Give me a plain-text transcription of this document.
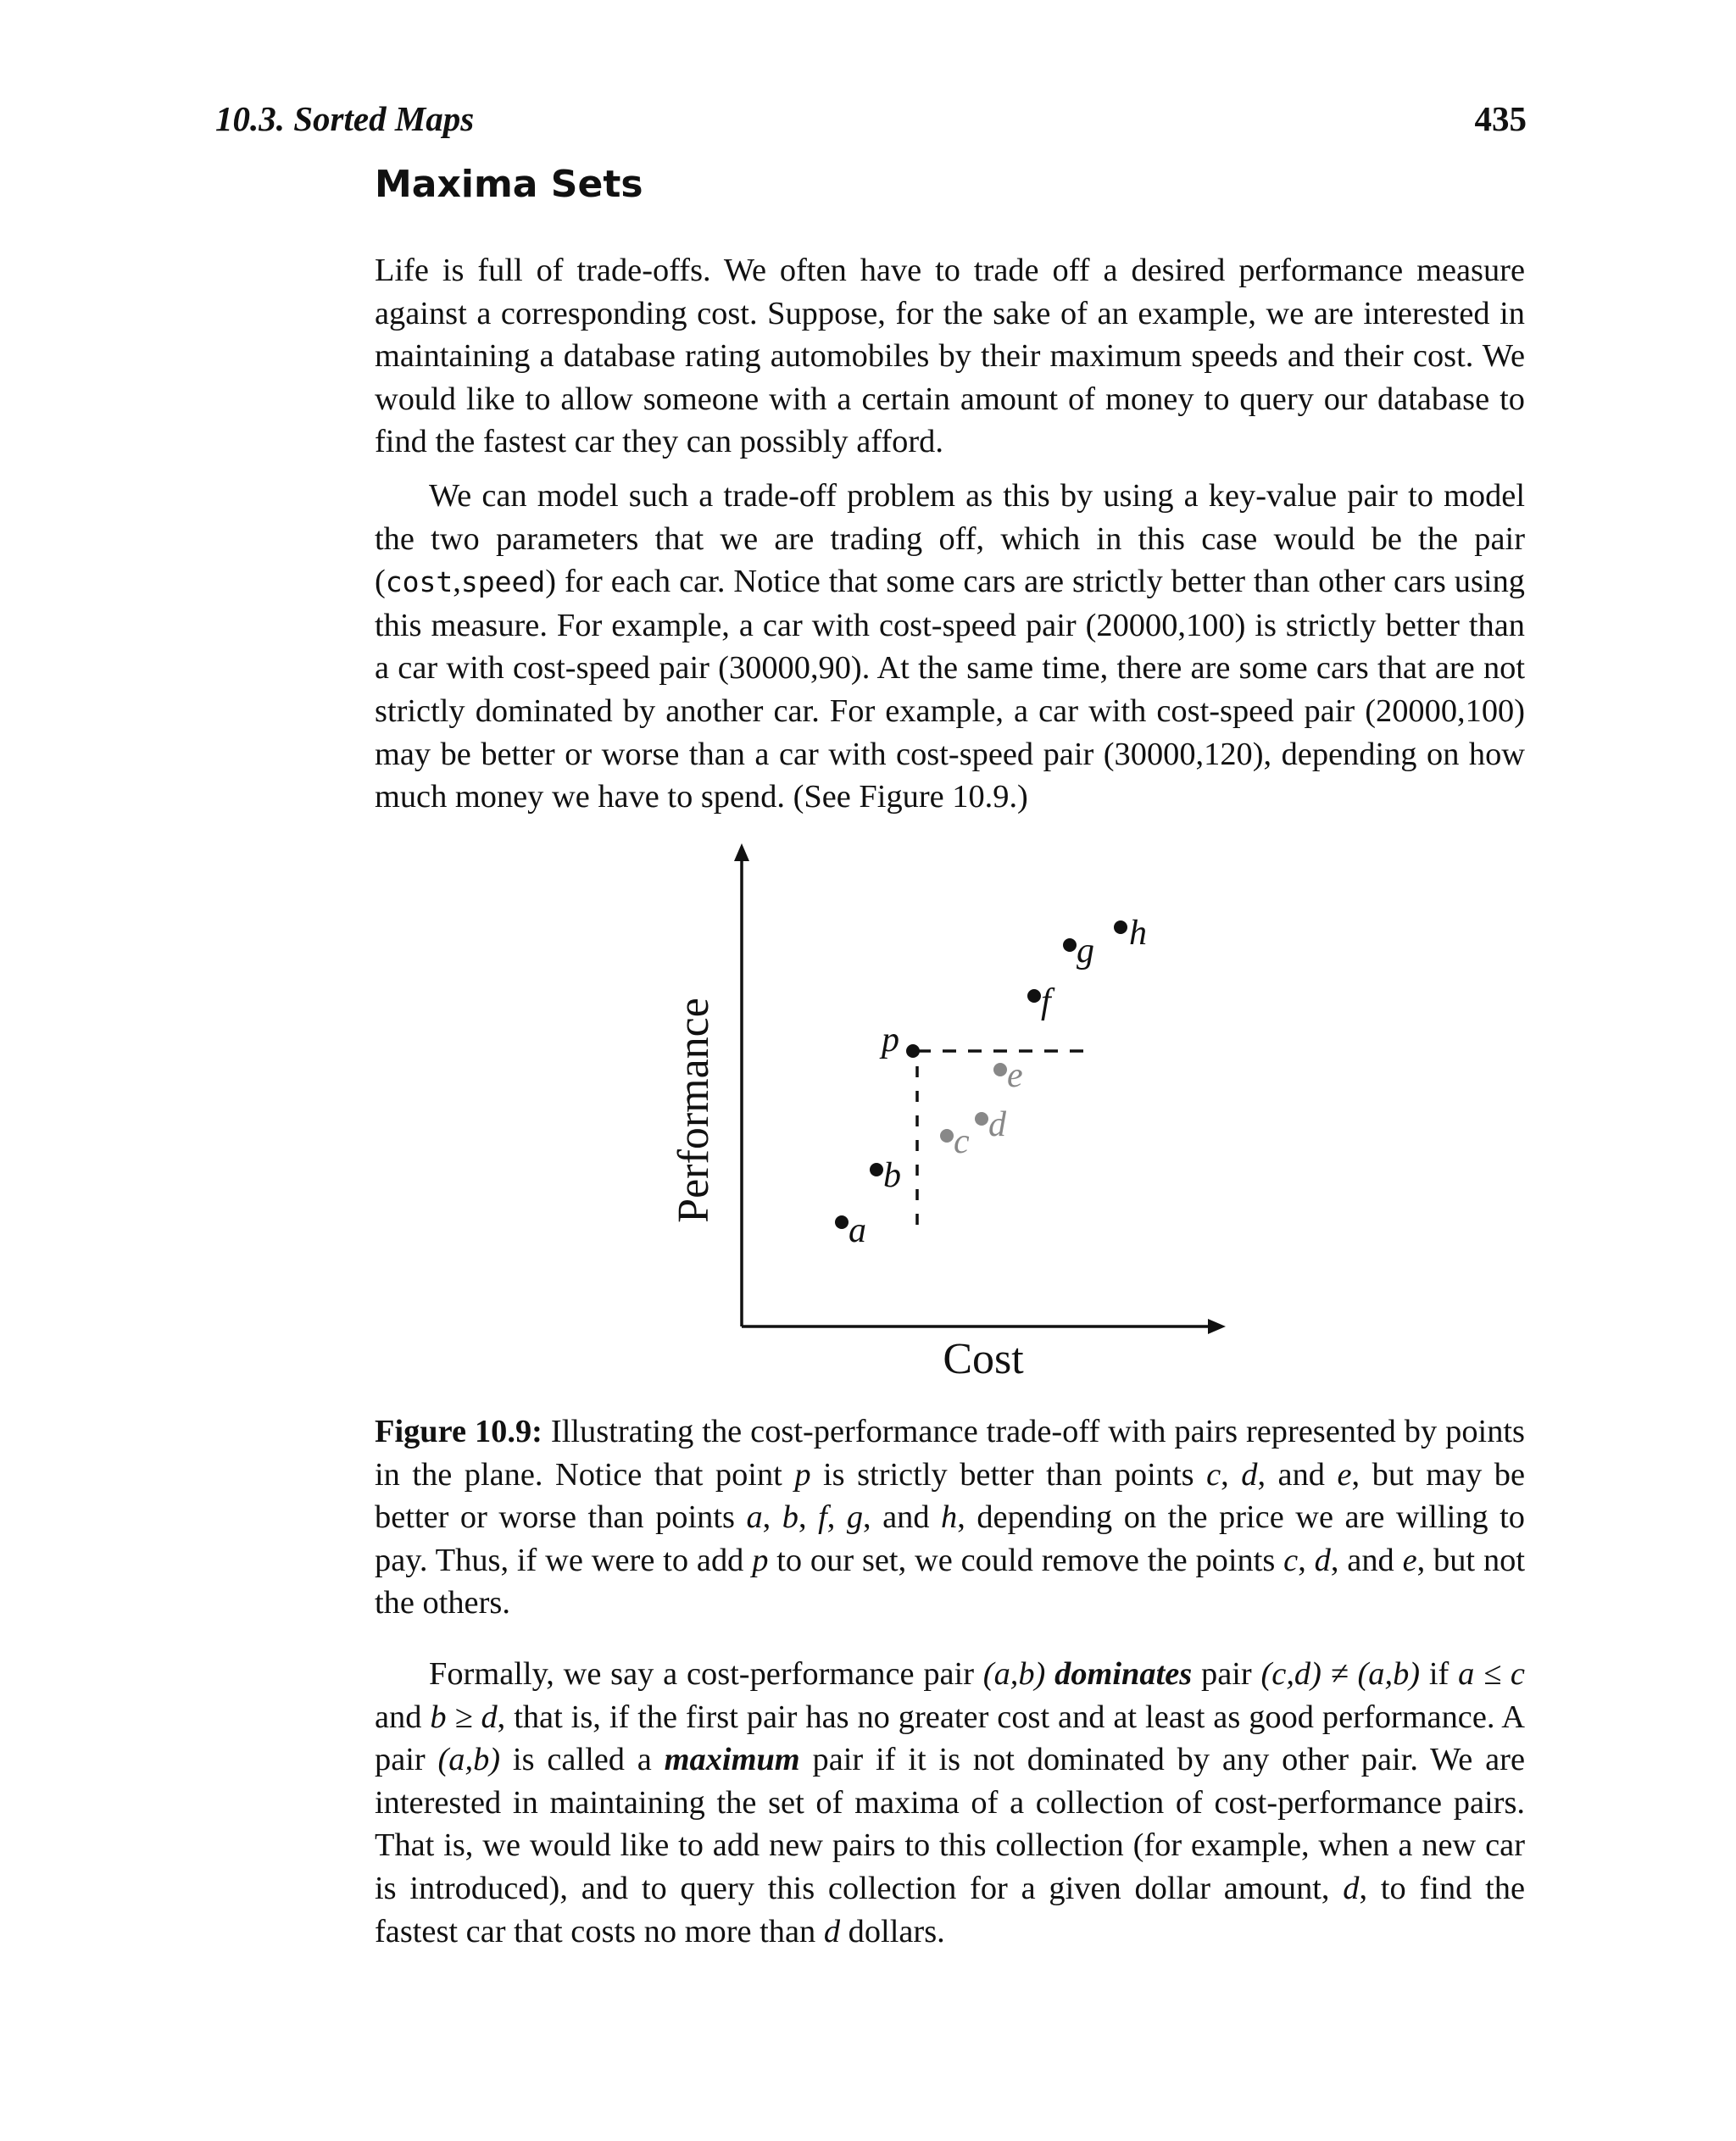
10.3. Sorted Maps	435
Maxima Sets

Life is full of trade-offs. We often have to trade off a desired performance measure against a corresponding cost. Suppose, for the sake of an example, we are interested in maintaining a database rating automobiles by their maximum speeds and their cost. We would like to allow someone with a certain amount of money to query our database to find the fastest car they can possibly afford.

We can model such a trade-off problem as this by using a key-value pair to model the two parameters that we are trading off, which in this case would be the pair (cost,speed) for each car. Notice that some cars are strictly better than other cars using this measure. For example, a car with cost-speed pair (20000,100) is strictly better than a car with cost-speed pair (30000,90). At the same time, there are some cars that are not strictly dominated by another car. For example, a car with cost-speed pair (20000,100) may be better or worse than a car with cost-speed pair (30000,120), depending on how much money we have to spend. (See Figure 10.9.)

Cost
Performance
a
b
c d
e
f
g h
p

Figure 10.9: Illustrating the cost-performance trade-off with pairs represented by points in the plane. Notice that point p is strictly better than points c, d, and e, but may be better or worse than points a, b, f, g, and h, depending on the price we are willing to pay. Thus, if we were to add p to our set, we could remove the points c, d, and e, but not the others.

Formally, we say a cost-performance pair (a,b) dominates pair (c,d) ≠ (a,b) if a ≤ c and b ≥ d, that is, if the first pair has no greater cost and at least as good performance. A pair (a,b) is called a maximum pair if it is not dominated by any other pair. We are interested in maintaining the set of maxima of a collection of cost-performance pairs. That is, we would like to add new pairs to this collection (for example, when a new car is introduced), and to query this collection for a given dollar amount, d, to find the fastest car that costs no more than d dollars.
